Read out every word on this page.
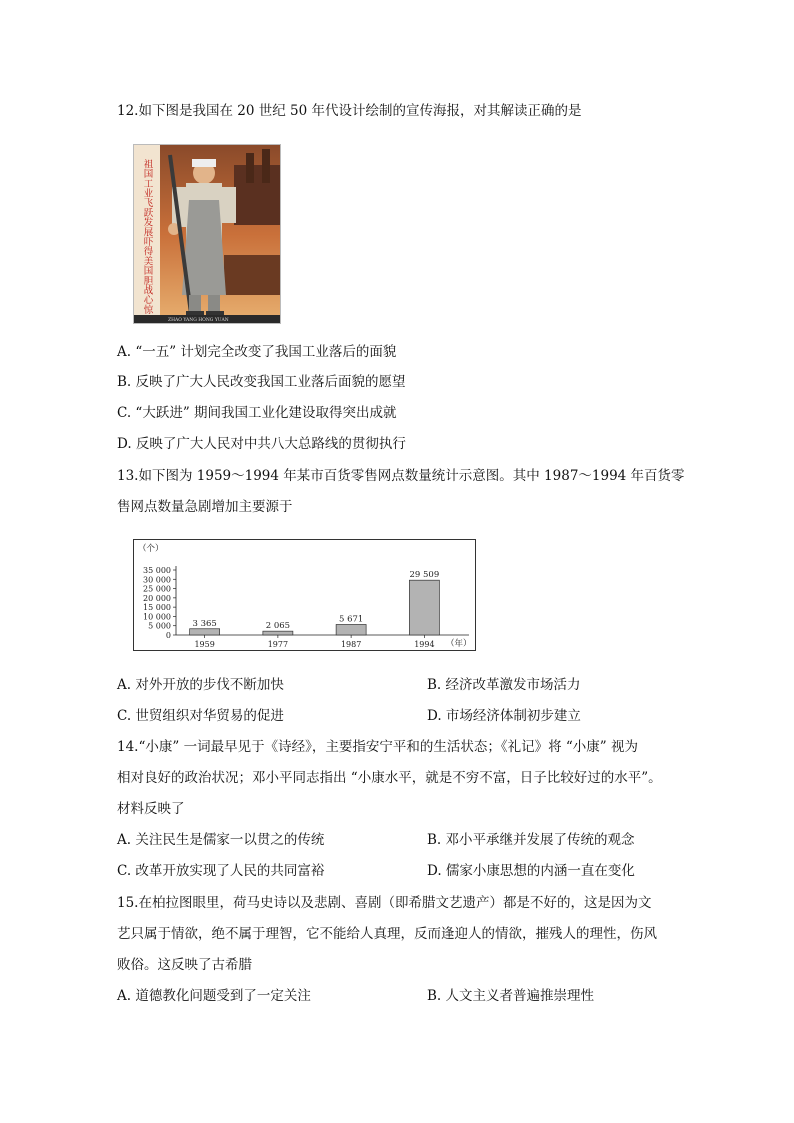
12.如下图是我国在 20 世纪 50 年代设计绘制的宣传海报，对其解读正确的是
ZHAO YANG HONG YUAN
祖国工业飞跃发展吓得美国胆战心惊
A. “一五” 计划完全改变了我国工业落后的面貌
B. 反映了广大人民改变我国工业落后面貌的愿望
C. “大跃进” 期间我国工业化建设取得突出成就
D. 反映了广大人民对中共八大总路线的贯彻执行
13.如下图为 1959～1994 年某市百货零售网点数量统计示意图。其中 1987～1994 年百货零
售网点数量急剧增加主要源于
（个）
（年）
0
5 000
10 000
15 000
20 000
25 000
30 000
35 000
3 365
1959
2 065
1977
5 671
1987
29 509
1994
A. 对外开放的步伐不断加快	B. 经济改革激发市场活力
C. 世贸组织对华贸易的促进	D. 市场经济体制初步建立
14.“小康” 一词最早见于《诗经》，主要指安宁平和的生活状态；《礼记》将 “小康” 视为
相对良好的政治状况；邓小平同志指出 “小康水平，就是不穷不富，日子比较好过的水平”。
材料反映了
A. 关注民生是儒家一以贯之的传统	B. 邓小平承继并发展了传统的观念
C. 改革开放实现了人民的共同富裕	D. 儒家小康思想的内涵一直在变化
15.在柏拉图眼里，荷马史诗以及悲剧、喜剧（即希腊文艺遗产）都是不好的，这是因为文
艺只属于情欲，绝不属于理智，它不能给人真理，反而逢迎人的情欲，摧残人的理性，伤风
败俗。这反映了古希腊
A. 道德教化问题受到了一定关注	B. 人文主义者普遍推崇理性
